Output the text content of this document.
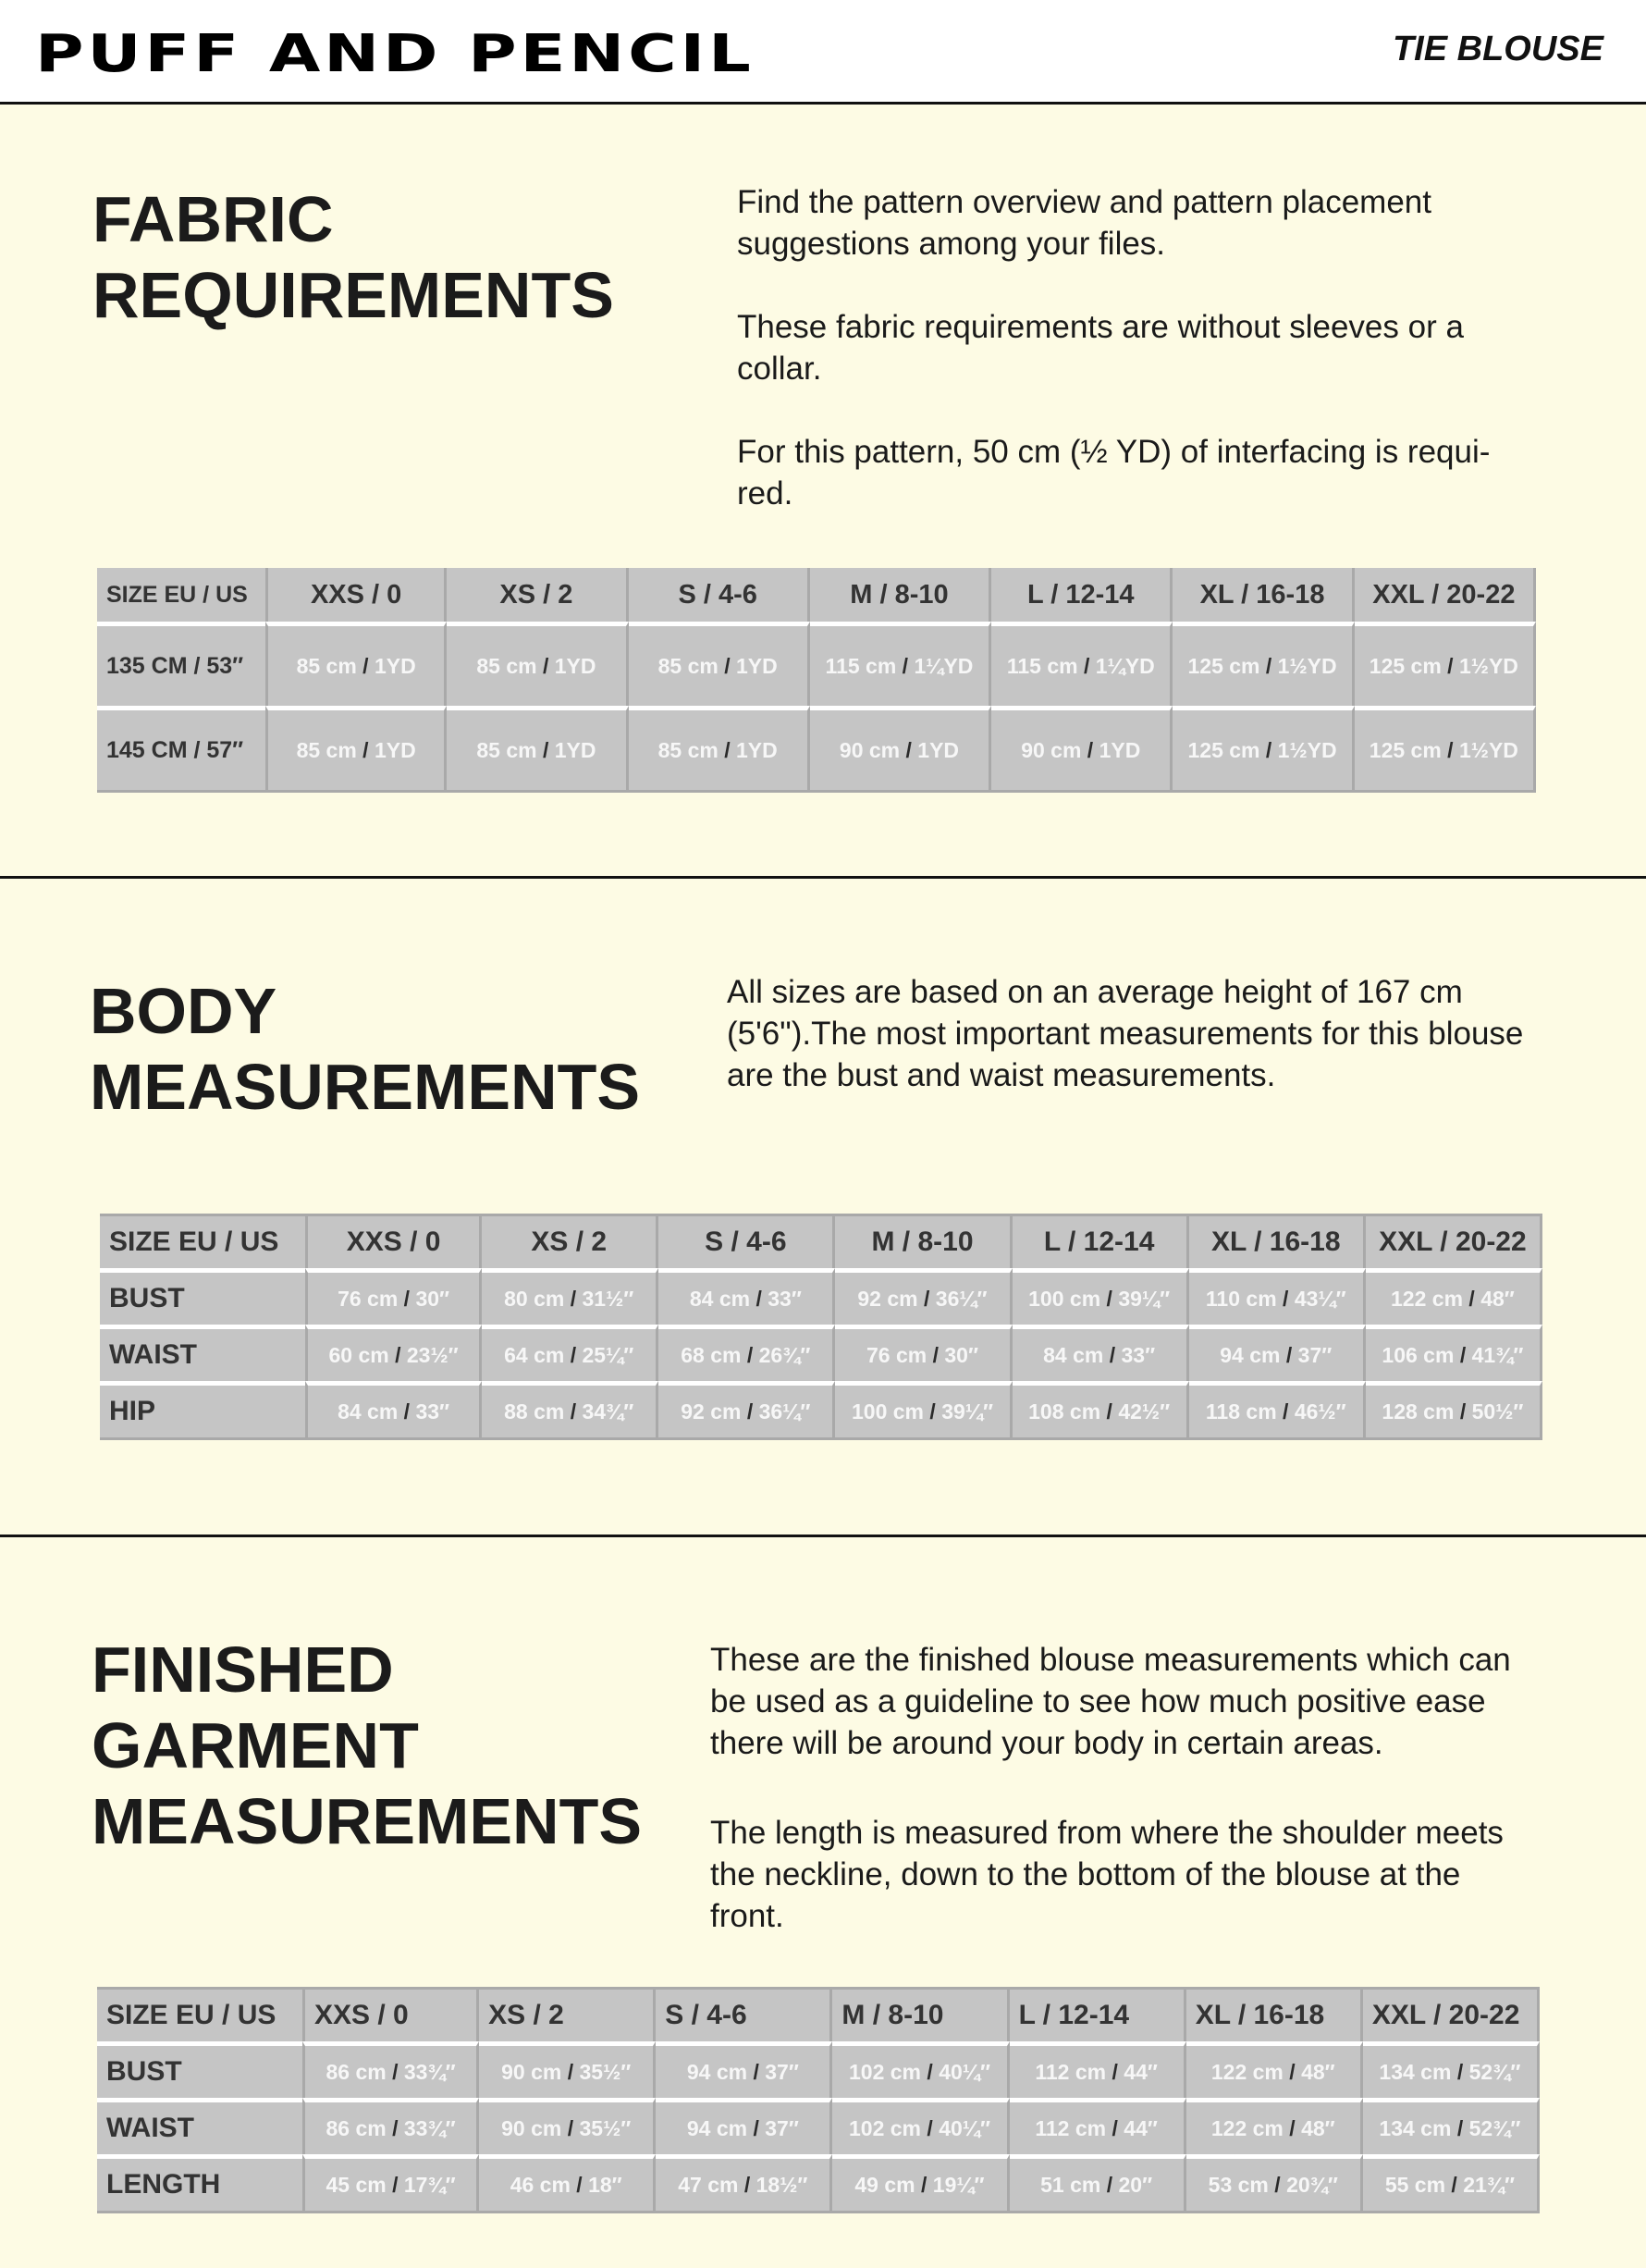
PUFF AND PENCIL	TIE BLOUSE
FABRIC
REQUIREMENTS

Find the pattern overview and pattern placement suggestions among your files.

These fabric requirements are without sleeves or a collar.

For this pattern, 50 cm (½ YD) of interfacing is requi-red.

SIZE EU / US	XXS / 0	XS / 2	S / 4-6	M / 8-10	L / 12-14	XL / 16-18	XXL / 20-22
135 CM / 53″	85 cm / 1YD	85 cm / 1YD	85 cm / 1YD	115 cm / 1¼YD	115 cm / 1¼YD	125 cm / 1½YD	125 cm / 1½YD
145 CM / 57″	85 cm / 1YD	85 cm / 1YD	85 cm / 1YD	90 cm / 1YD	90 cm / 1YD	125 cm / 1½YD	125 cm / 1½YD
BODY
MEASUREMENTS

All sizes are based on an average height of 167 cm (5'6").The most important measurements for this blouse are the bust and waist measurements.

SIZE EU / US	XXS / 0	XS / 2	S / 4-6	M / 8-10	L / 12-14	XL / 16-18	XXL / 20-22
BUST	76 cm / 30″	80 cm / 31½″	84 cm / 33″	92 cm / 36¼″	100 cm / 39¼″	110 cm / 43¼″	122 cm / 48″
WAIST	60 cm / 23½″	64 cm / 25¼″	68 cm / 26¾″	76 cm / 30″	84 cm / 33″	94 cm / 37″	106 cm / 41¾″
HIP	84 cm / 33″	88 cm / 34¾″	92 cm / 36¼″	100 cm / 39¼″	108 cm / 42½″	118 cm / 46½″	128 cm / 50½″
FINISHED
GARMENT
MEASUREMENTS

These are the finished blouse measurements which can be used as a guideline to see how much positive ease there will be around your body in certain areas.

The length is measured from where the shoulder meets the neckline, down to the bottom of the blouse at the front.

SIZE EU / US	XXS / 0	XS / 2	S / 4-6	M / 8-10	L / 12-14	XL / 16-18	XXL / 20-22
BUST	86 cm / 33¾″	90 cm / 35½″	94 cm / 37″	102 cm / 40¼″	112 cm / 44″	122 cm / 48″	134 cm / 52¾″
WAIST	86 cm / 33¾″	90 cm / 35½″	94 cm / 37″	102 cm / 40¼″	112 cm / 44″	122 cm / 48″	134 cm / 52¾″
LENGTH	45 cm / 17¾″	46 cm / 18″	47 cm / 18½″	49 cm / 19¼″	51 cm / 20″	53 cm / 20¾″	55 cm / 21¾″
